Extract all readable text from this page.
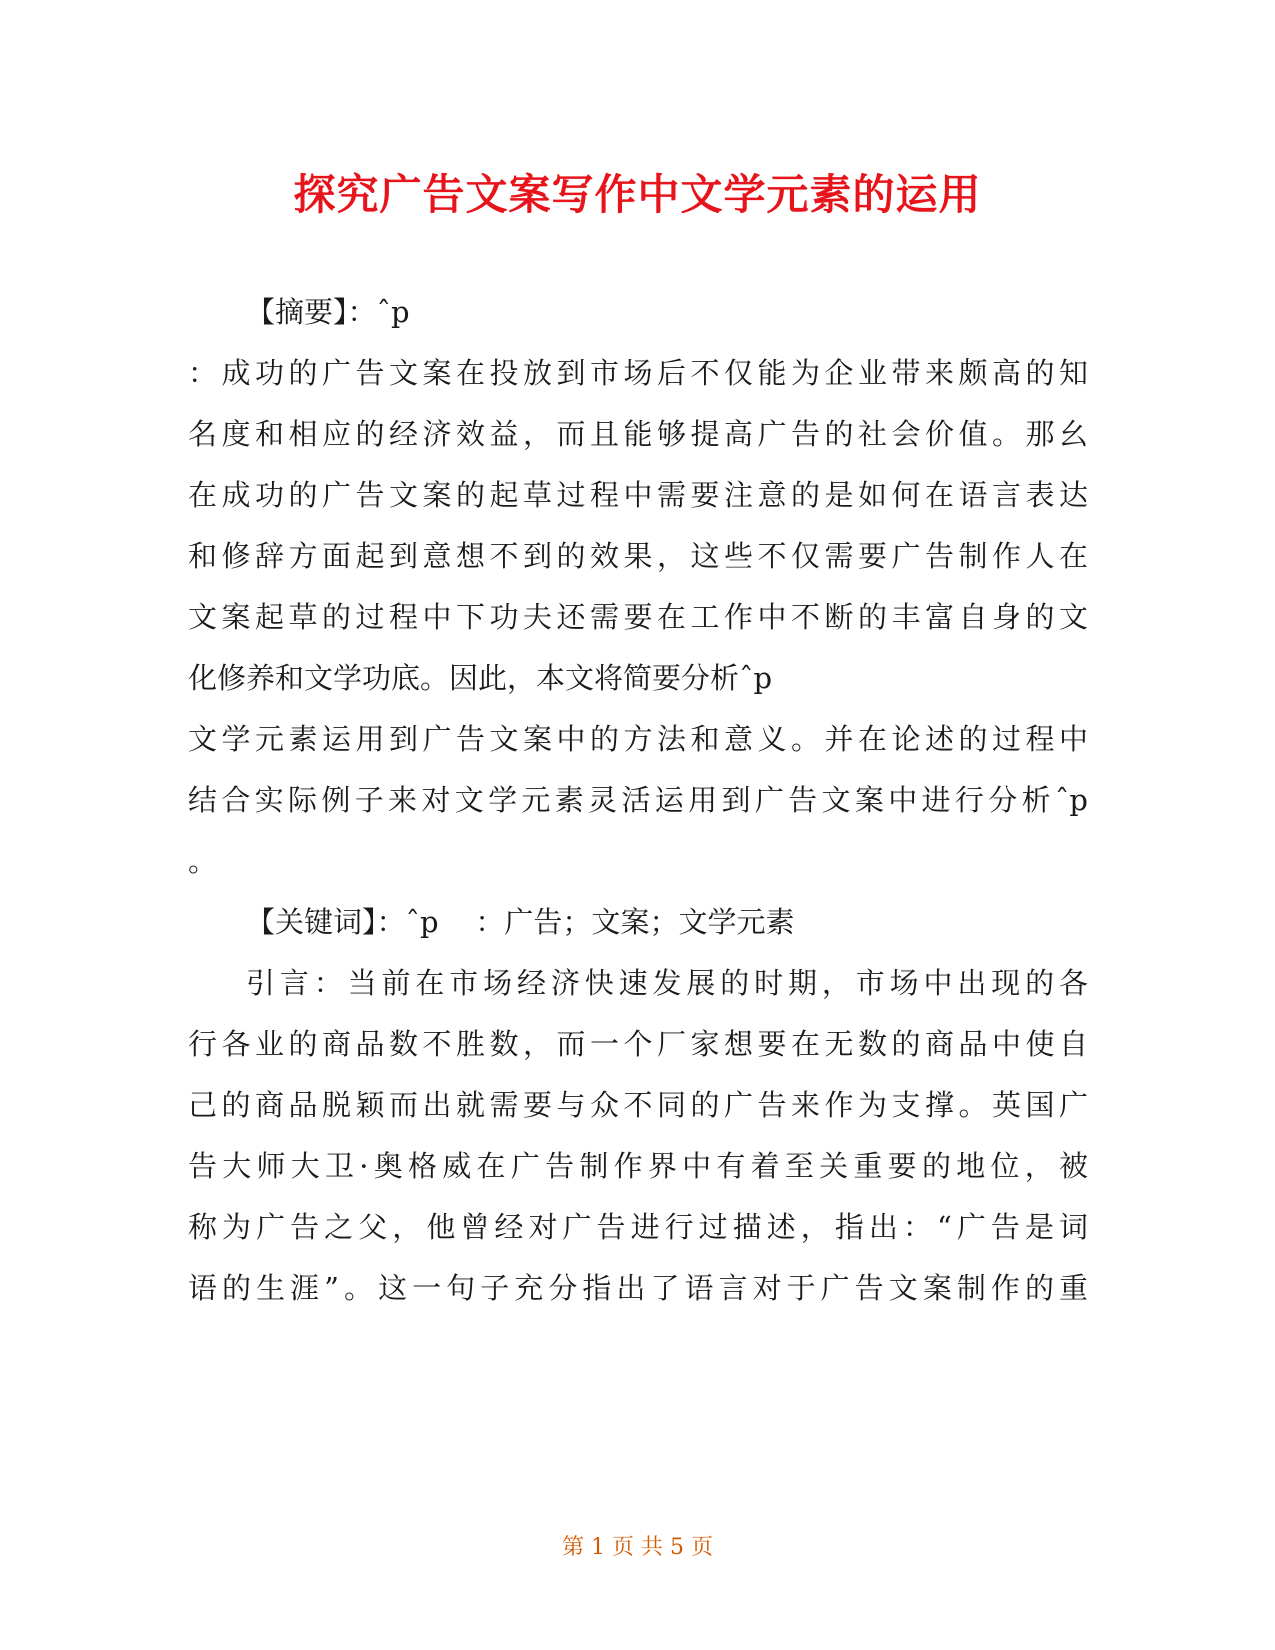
探究广告文案写作中文学元素的运用
【摘要】：ˆp
：成功的广告文案在投放到市场后不仅能为企业带来颇高的知
名度和相应的经济效益，而且能够提高广告的社会价值。那幺
在成功的广告文案的起草过程中需要注意的是如何在语言表达
和修辞方面起到意想不到的效果，这些不仅需要广告制作人在
文案起草的过程中下功夫还需要在工作中不断的丰富自身的文
化修养和文学功底。因此，本文将简要分析ˆp
文学元素运用到广告文案中的方法和意义。并在论述的过程中
结合实际例子来对文学元素灵活运用到广告文案中进行分析ˆp
。
【关键词】：ˆp    ：广告；文案；文学元素
引言：当前在市场经济快速发展的时期，市场中出现的各
行各业的商品数不胜数，而一个厂家想要在无数的商品中使自
己的商品脱颖而出就需要与众不同的广告来作为支撑。英国广
告大师大卫·奥格威在广告制作界中有着至关重要的地位，被
称为广告之父，他曾经对广告进行过描述，指出：“广告是词
语的生涯”。这一句子充分指出了语言对于广告文案制作的重
第 1 页 共 5 页
